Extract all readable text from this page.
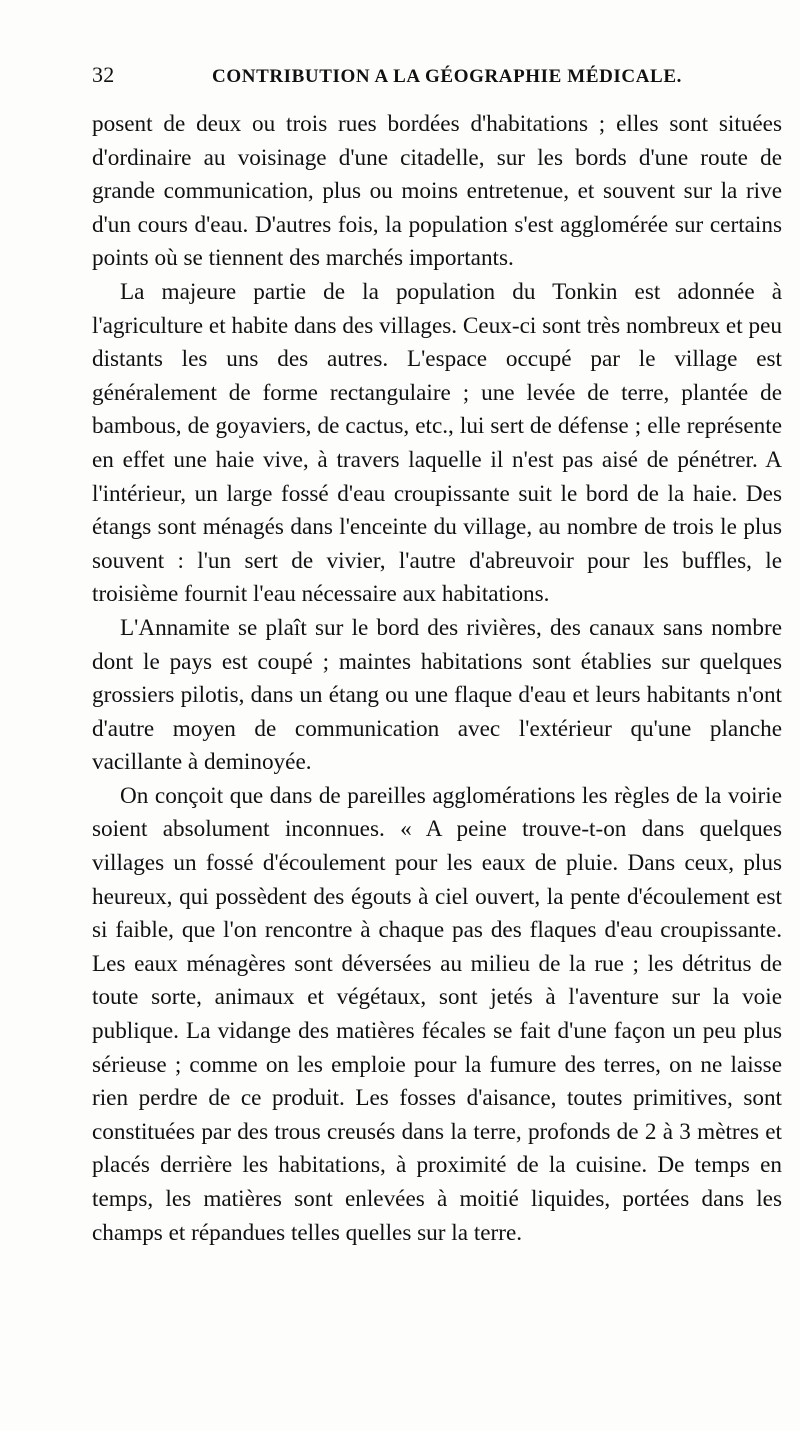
32	CONTRIBUTION A LA GÉOGRAPHIE MÉDICALE.

posent de deux ou trois rues bordées d'habitations ; elles sont situées d'ordinaire au voisinage d'une citadelle, sur les bords d'une route de grande communication, plus ou moins entretenue, et souvent sur la rive d'un cours d'eau. D'autres fois, la population s'est agglomérée sur certains points où se tiennent des marchés importants.

La majeure partie de la population du Tonkin est adonnée à l'agriculture et habite dans des villages. Ceux-ci sont très nombreux et peu distants les uns des autres. L'espace occupé par le village est généralement de forme rectangulaire ; une levée de terre, plantée de bambous, de goyaviers, de cactus, etc., lui sert de défense ; elle représente en effet une haie vive, à travers laquelle il n'est pas aisé de pénétrer. A l'intérieur, un large fossé d'eau croupissante suit le bord de la haie. Des étangs sont ménagés dans l'enceinte du village, au nombre de trois le plus souvent : l'un sert de vivier, l'autre d'abreuvoir pour les buffles, le troisième fournit l'eau nécessaire aux habitations.

L'Annamite se plaît sur le bord des rivières, des canaux sans nombre dont le pays est coupé ; maintes habitations sont établies sur quelques grossiers pilotis, dans un étang ou une flaque d'eau et leurs habitants n'ont d'autre moyen de communication avec l'extérieur qu'une planche vacillante à deminoyée.

On conçoit que dans de pareilles agglomérations les règles de la voirie soient absolument inconnues. « A peine trouve-t-on dans quelques villages un fossé d'écoulement pour les eaux de pluie. Dans ceux, plus heureux, qui possèdent des égouts à ciel ouvert, la pente d'écoulement est si faible, que l'on rencontre à chaque pas des flaques d'eau croupissante. Les eaux ménagères sont déversées au milieu de la rue ; les détritus de toute sorte, animaux et végétaux, sont jetés à l'aventure sur la voie publique. La vidange des matières fécales se fait d'une façon un peu plus sérieuse ; comme on les emploie pour la fumure des terres, on ne laisse rien perdre de ce produit. Les fosses d'aisance, toutes primitives, sont constituées par des trous creusés dans la terre, profonds de 2 à 3 mètres et placés derrière les habitations, à proximité de la cuisine. De temps en temps, les matières sont enlevées à moitié liquides, portées dans les champs et répandues telles quelles sur la terre.
